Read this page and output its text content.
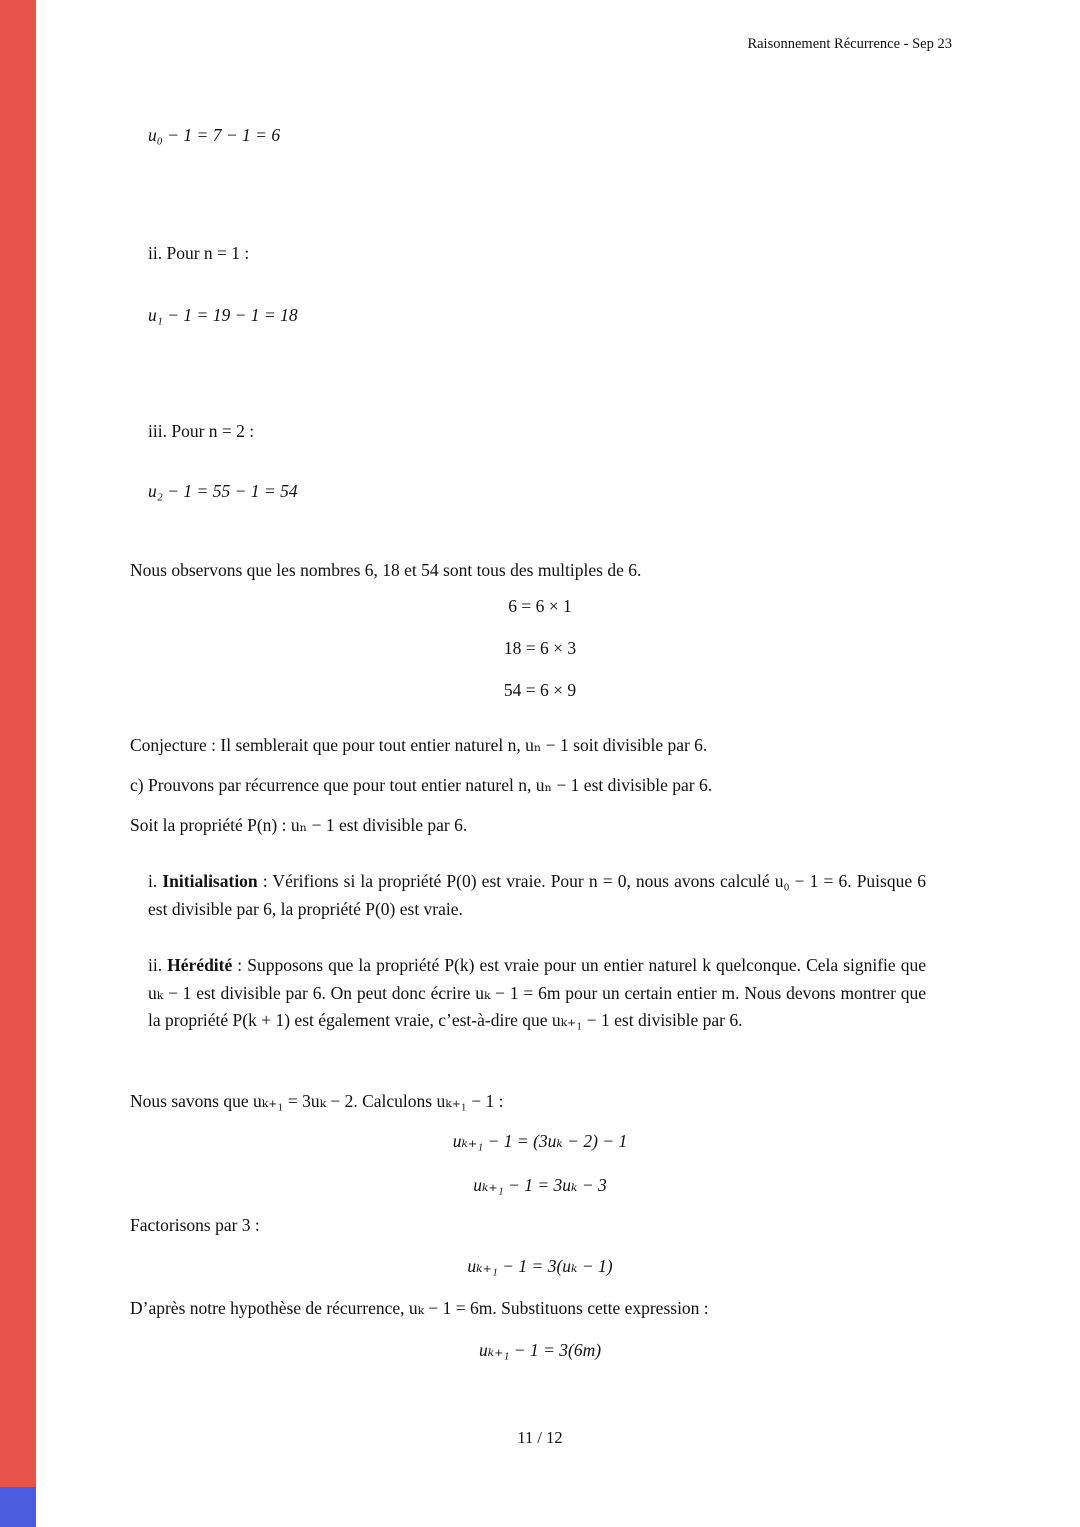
Raisonnement Récurrence - Sep 23
u₀ − 1 = 7 − 1 = 6
ii. Pour n = 1 :
u₁ − 1 = 19 − 1 = 18
iii. Pour n = 2 :
u₂ − 1 = 55 − 1 = 54
Nous observons que les nombres 6, 18 et 54 sont tous des multiples de 6.
6 = 6 × 1
18 = 6 × 3
54 = 6 × 9
Conjecture : Il semblerait que pour tout entier naturel n, uₙ − 1 soit divisible par 6.
c) Prouvons par récurrence que pour tout entier naturel n, uₙ − 1 est divisible par 6.
Soit la propriété P(n) : uₙ − 1 est divisible par 6.
i. Initialisation : Vérifions si la propriété P(0) est vraie. Pour n = 0, nous avons calculé u₀ − 1 = 6. Puisque 6 est divisible par 6, la propriété P(0) est vraie.
ii. Hérédité : Supposons que la propriété P(k) est vraie pour un entier naturel k quelconque. Cela signifie que uₖ − 1 est divisible par 6. On peut donc écrire uₖ − 1 = 6m pour un certain entier m. Nous devons montrer que la propriété P(k + 1) est également vraie, c’est-à-dire que uₖ₊₁ − 1 est divisible par 6.
Nous savons que uₖ₊₁ = 3uₖ − 2. Calculons uₖ₊₁ − 1 :
uₖ₊₁ − 1 = (3uₖ − 2) − 1
uₖ₊₁ − 1 = 3uₖ − 3
Factorisons par 3 :
uₖ₊₁ − 1 = 3(uₖ − 1)
D’après notre hypothèse de récurrence, uₖ − 1 = 6m. Substituons cette expression :
uₖ₊₁ − 1 = 3(6m)
11 / 12
